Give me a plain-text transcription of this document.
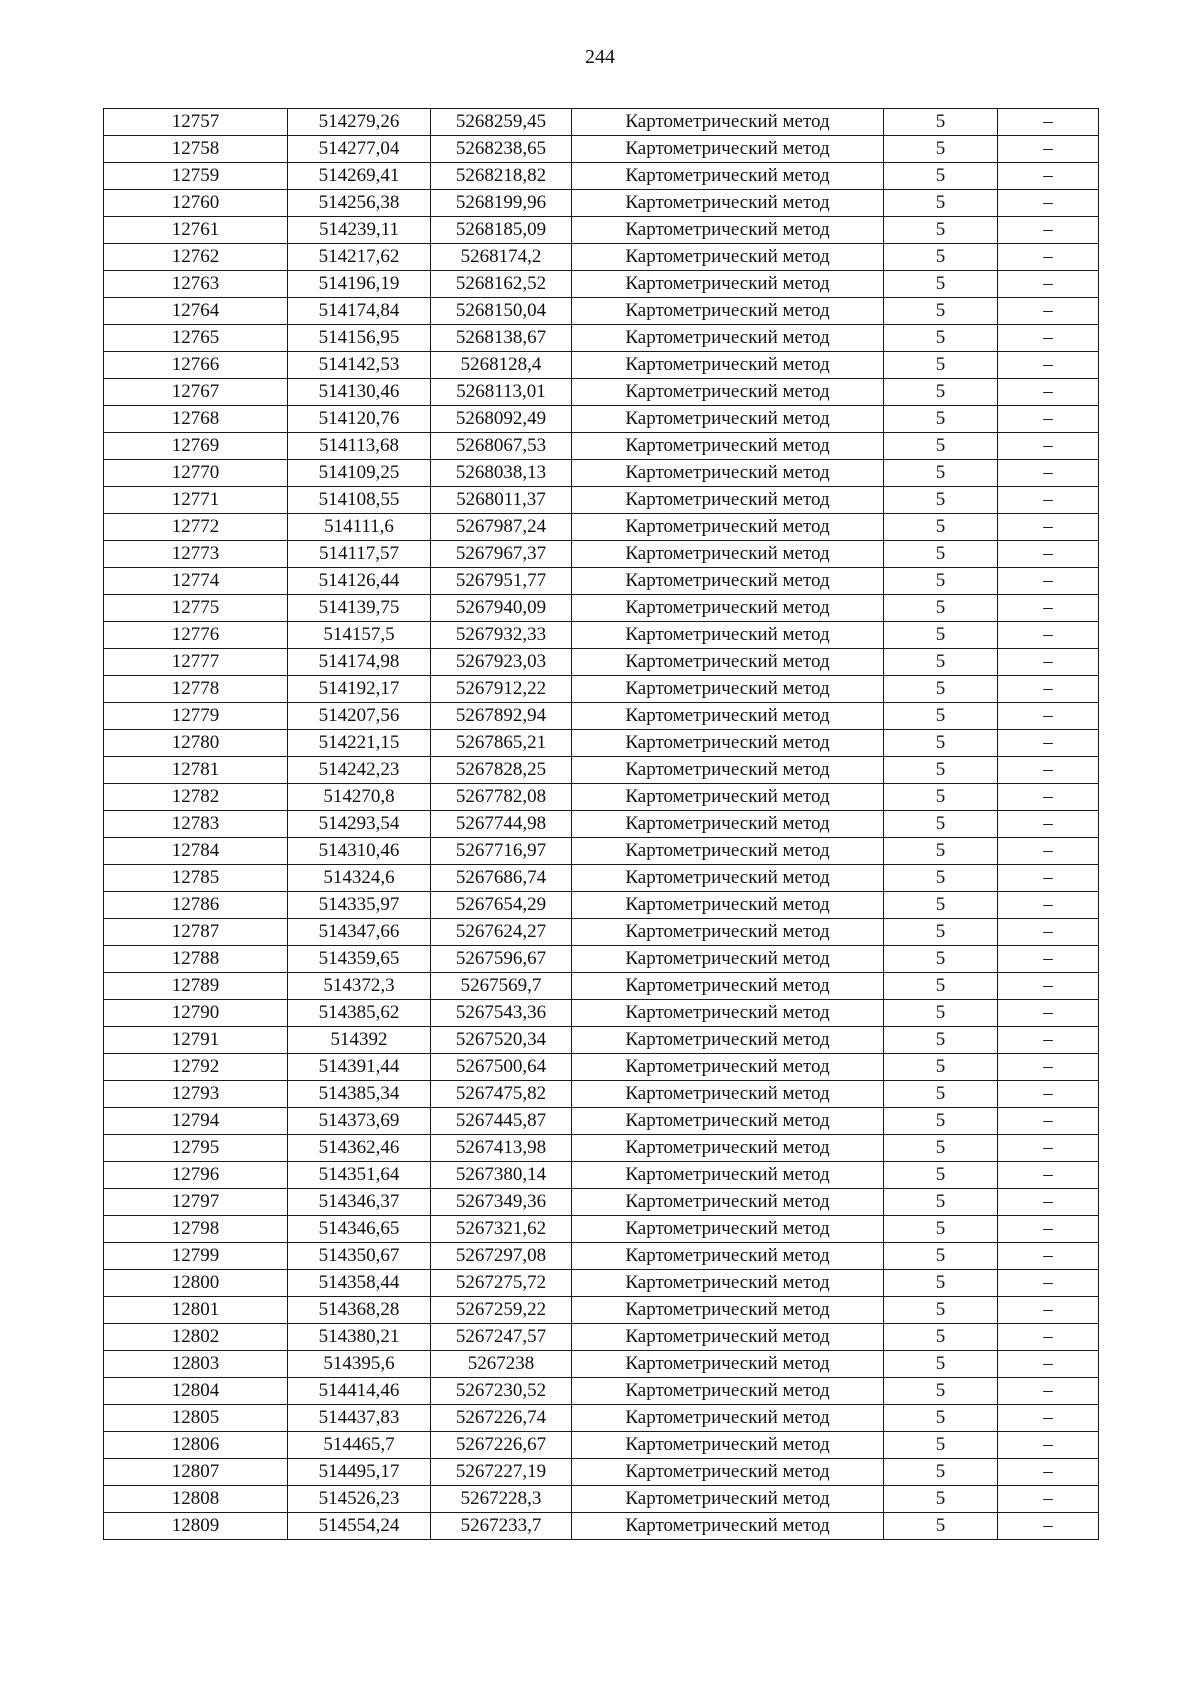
244
12757	514279,26	5268259,45	Картометрический метод	5	–
12758	514277,04	5268238,65	Картометрический метод	5	–
12759	514269,41	5268218,82	Картометрический метод	5	–
12760	514256,38	5268199,96	Картометрический метод	5	–
12761	514239,11	5268185,09	Картометрический метод	5	–
12762	514217,62	5268174,2	Картометрический метод	5	–
12763	514196,19	5268162,52	Картометрический метод	5	–
12764	514174,84	5268150,04	Картометрический метод	5	–
12765	514156,95	5268138,67	Картометрический метод	5	–
12766	514142,53	5268128,4	Картометрический метод	5	–
12767	514130,46	5268113,01	Картометрический метод	5	–
12768	514120,76	5268092,49	Картометрический метод	5	–
12769	514113,68	5268067,53	Картометрический метод	5	–
12770	514109,25	5268038,13	Картометрический метод	5	–
12771	514108,55	5268011,37	Картометрический метод	5	–
12772	514111,6	5267987,24	Картометрический метод	5	–
12773	514117,57	5267967,37	Картометрический метод	5	–
12774	514126,44	5267951,77	Картометрический метод	5	–
12775	514139,75	5267940,09	Картометрический метод	5	–
12776	514157,5	5267932,33	Картометрический метод	5	–
12777	514174,98	5267923,03	Картометрический метод	5	–
12778	514192,17	5267912,22	Картометрический метод	5	–
12779	514207,56	5267892,94	Картометрический метод	5	–
12780	514221,15	5267865,21	Картометрический метод	5	–
12781	514242,23	5267828,25	Картометрический метод	5	–
12782	514270,8	5267782,08	Картометрический метод	5	–
12783	514293,54	5267744,98	Картометрический метод	5	–
12784	514310,46	5267716,97	Картометрический метод	5	–
12785	514324,6	5267686,74	Картометрический метод	5	–
12786	514335,97	5267654,29	Картометрический метод	5	–
12787	514347,66	5267624,27	Картометрический метод	5	–
12788	514359,65	5267596,67	Картометрический метод	5	–
12789	514372,3	5267569,7	Картометрический метод	5	–
12790	514385,62	5267543,36	Картометрический метод	5	–
12791	514392	5267520,34	Картометрический метод	5	–
12792	514391,44	5267500,64	Картометрический метод	5	–
12793	514385,34	5267475,82	Картометрический метод	5	–
12794	514373,69	5267445,87	Картометрический метод	5	–
12795	514362,46	5267413,98	Картометрический метод	5	–
12796	514351,64	5267380,14	Картометрический метод	5	–
12797	514346,37	5267349,36	Картометрический метод	5	–
12798	514346,65	5267321,62	Картометрический метод	5	–
12799	514350,67	5267297,08	Картометрический метод	5	–
12800	514358,44	5267275,72	Картометрический метод	5	–
12801	514368,28	5267259,22	Картометрический метод	5	–
12802	514380,21	5267247,57	Картометрический метод	5	–
12803	514395,6	5267238	Картометрический метод	5	–
12804	514414,46	5267230,52	Картометрический метод	5	–
12805	514437,83	5267226,74	Картометрический метод	5	–
12806	514465,7	5267226,67	Картометрический метод	5	–
12807	514495,17	5267227,19	Картометрический метод	5	–
12808	514526,23	5267228,3	Картометрический метод	5	–
12809	514554,24	5267233,7	Картометрический метод	5	–
